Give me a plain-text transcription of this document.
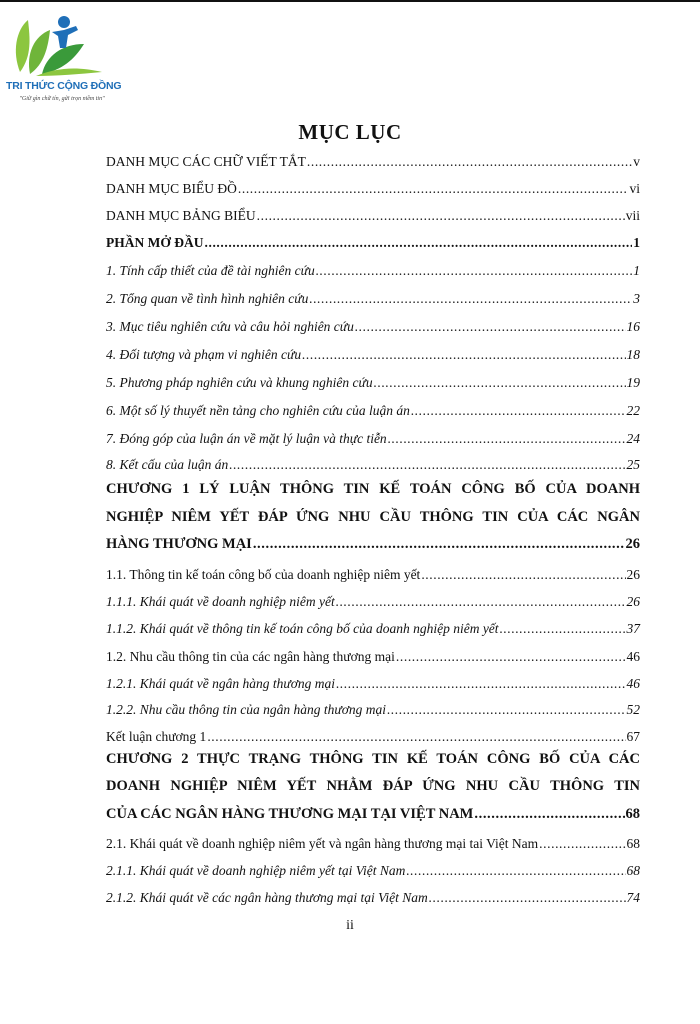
TRI THỨC CỘNG ĐỒNG
"Giữ gìn chữ tín, gửi trọn niềm tin"
MỤC LỤC
DANH MỤC CÁC CHỮ VIẾT TẮT .....	v
DANH MỤC BIỂU ĐỒ .....	vi
DANH MỤC BẢNG BIỂU .....	vii
PHẦN MỞ ĐẦU .....	1
1. Tính cấp thiết của đề tài nghiên cứu .....	1
2. Tổng quan về tình hình nghiên cứu .....	3
3. Mục tiêu nghiên cứu và câu hỏi nghiên cứu .....	16
4. Đối tượng và phạm vi nghiên cứu .....	18
5. Phương pháp nghiên cứu và khung nghiên cứu .....	19
6. Một số lý thuyết nền tảng cho nghiên cứu của luận án .....	22
7. Đóng góp của luận án về mặt lý luận và thực tiễn .....	24
8. Kết cấu của luận án .....	25
CHƯƠNG 1 LÝ LUẬN THÔNG TIN KẾ TOÁN CÔNG BỐ CỦA DOANH
NGHIỆP NIÊM YẾT ĐÁP ỨNG NHU CẦU THÔNG TIN CỦA CÁC NGÂN
HÀNG THƯƠNG MẠI .....	26
1.1. Thông tin kế toán công bố của doanh nghiệp niêm yết .....	26
1.1.1. Khái quát về doanh nghiệp niêm yết .....	26
1.1.2. Khái quát về thông tin kế toán công bố của doanh nghiệp niêm yết .....	37
1.2. Nhu cầu thông tin của các ngân hàng thương mại .....	46
1.2.1. Khái quát về ngân hàng thương mại .....	46
1.2.2. Nhu cầu thông tin của ngân hàng thương mại .....	52
Kết luận chương 1 .....	67
CHƯƠNG 2 THỰC TRẠNG THÔNG TIN KẾ TOÁN CÔNG BỐ CỦA CÁC
DOANH NGHIỆP NIÊM YẾT NHẰM ĐÁP ỨNG NHU CẦU THÔNG TIN
CỦA CÁC NGÂN HÀNG THƯƠNG MẠI TẠI VIỆT NAM .....	68
2.1. Khái quát về doanh nghiệp niêm yết và ngân hàng thương mại tai Việt Nam .....	68
2.1.1. Khái quát về doanh nghiệp niêm yết tại Việt Nam .....	68
2.1.2. Khái quát về các ngân hàng thương mại tại Việt Nam .....	74
ii
